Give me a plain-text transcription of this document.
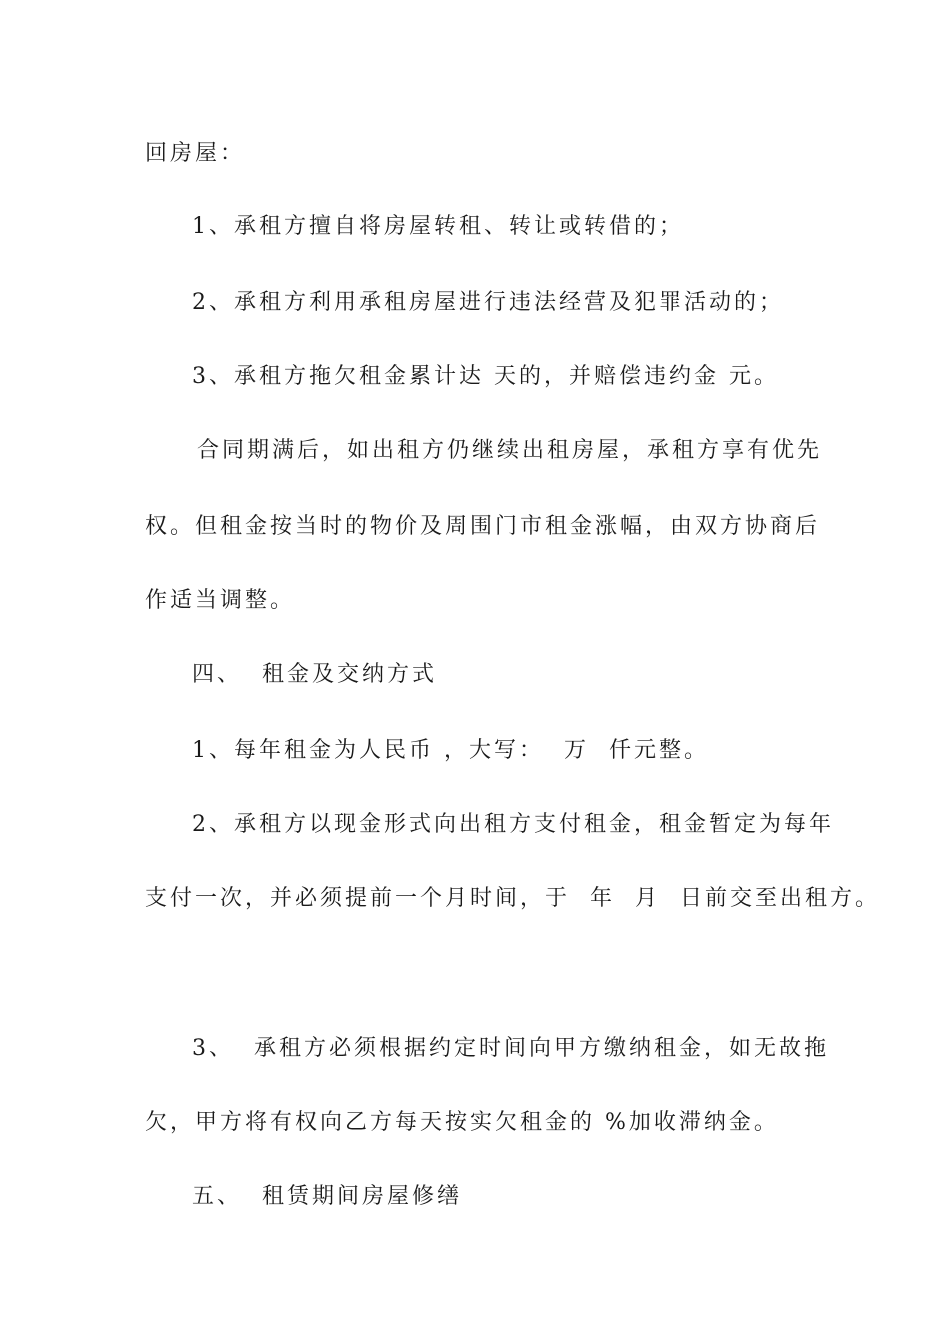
回房屋：
1、承租方擅自将房屋转租、转让或转借的；
2、承租方利用承租房屋进行违法经营及犯罪活动的；
3、承租方拖欠租金累计达 天的，并赔偿违约金 元。
合同期满后，如出租方仍继续出租房屋，承租方享有优先
权。但租金按当时的物价及周围门市租金涨幅，由双方协商后
作适当调整。
四、  租金及交纳方式
1、每年租金为人民币 ，大写：  万  仟元整。
2、承租方以现金形式向出租方支付租金，租金暂定为每年
支付一次，并必须提前一个月时间，于  年  月  日前交至出租方。
3、  承租方必须根据约定时间向甲方缴纳租金，如无故拖
欠，甲方将有权向乙方每天按实欠租金的 %加收滞纳金。
五、  租赁期间房屋修缮
